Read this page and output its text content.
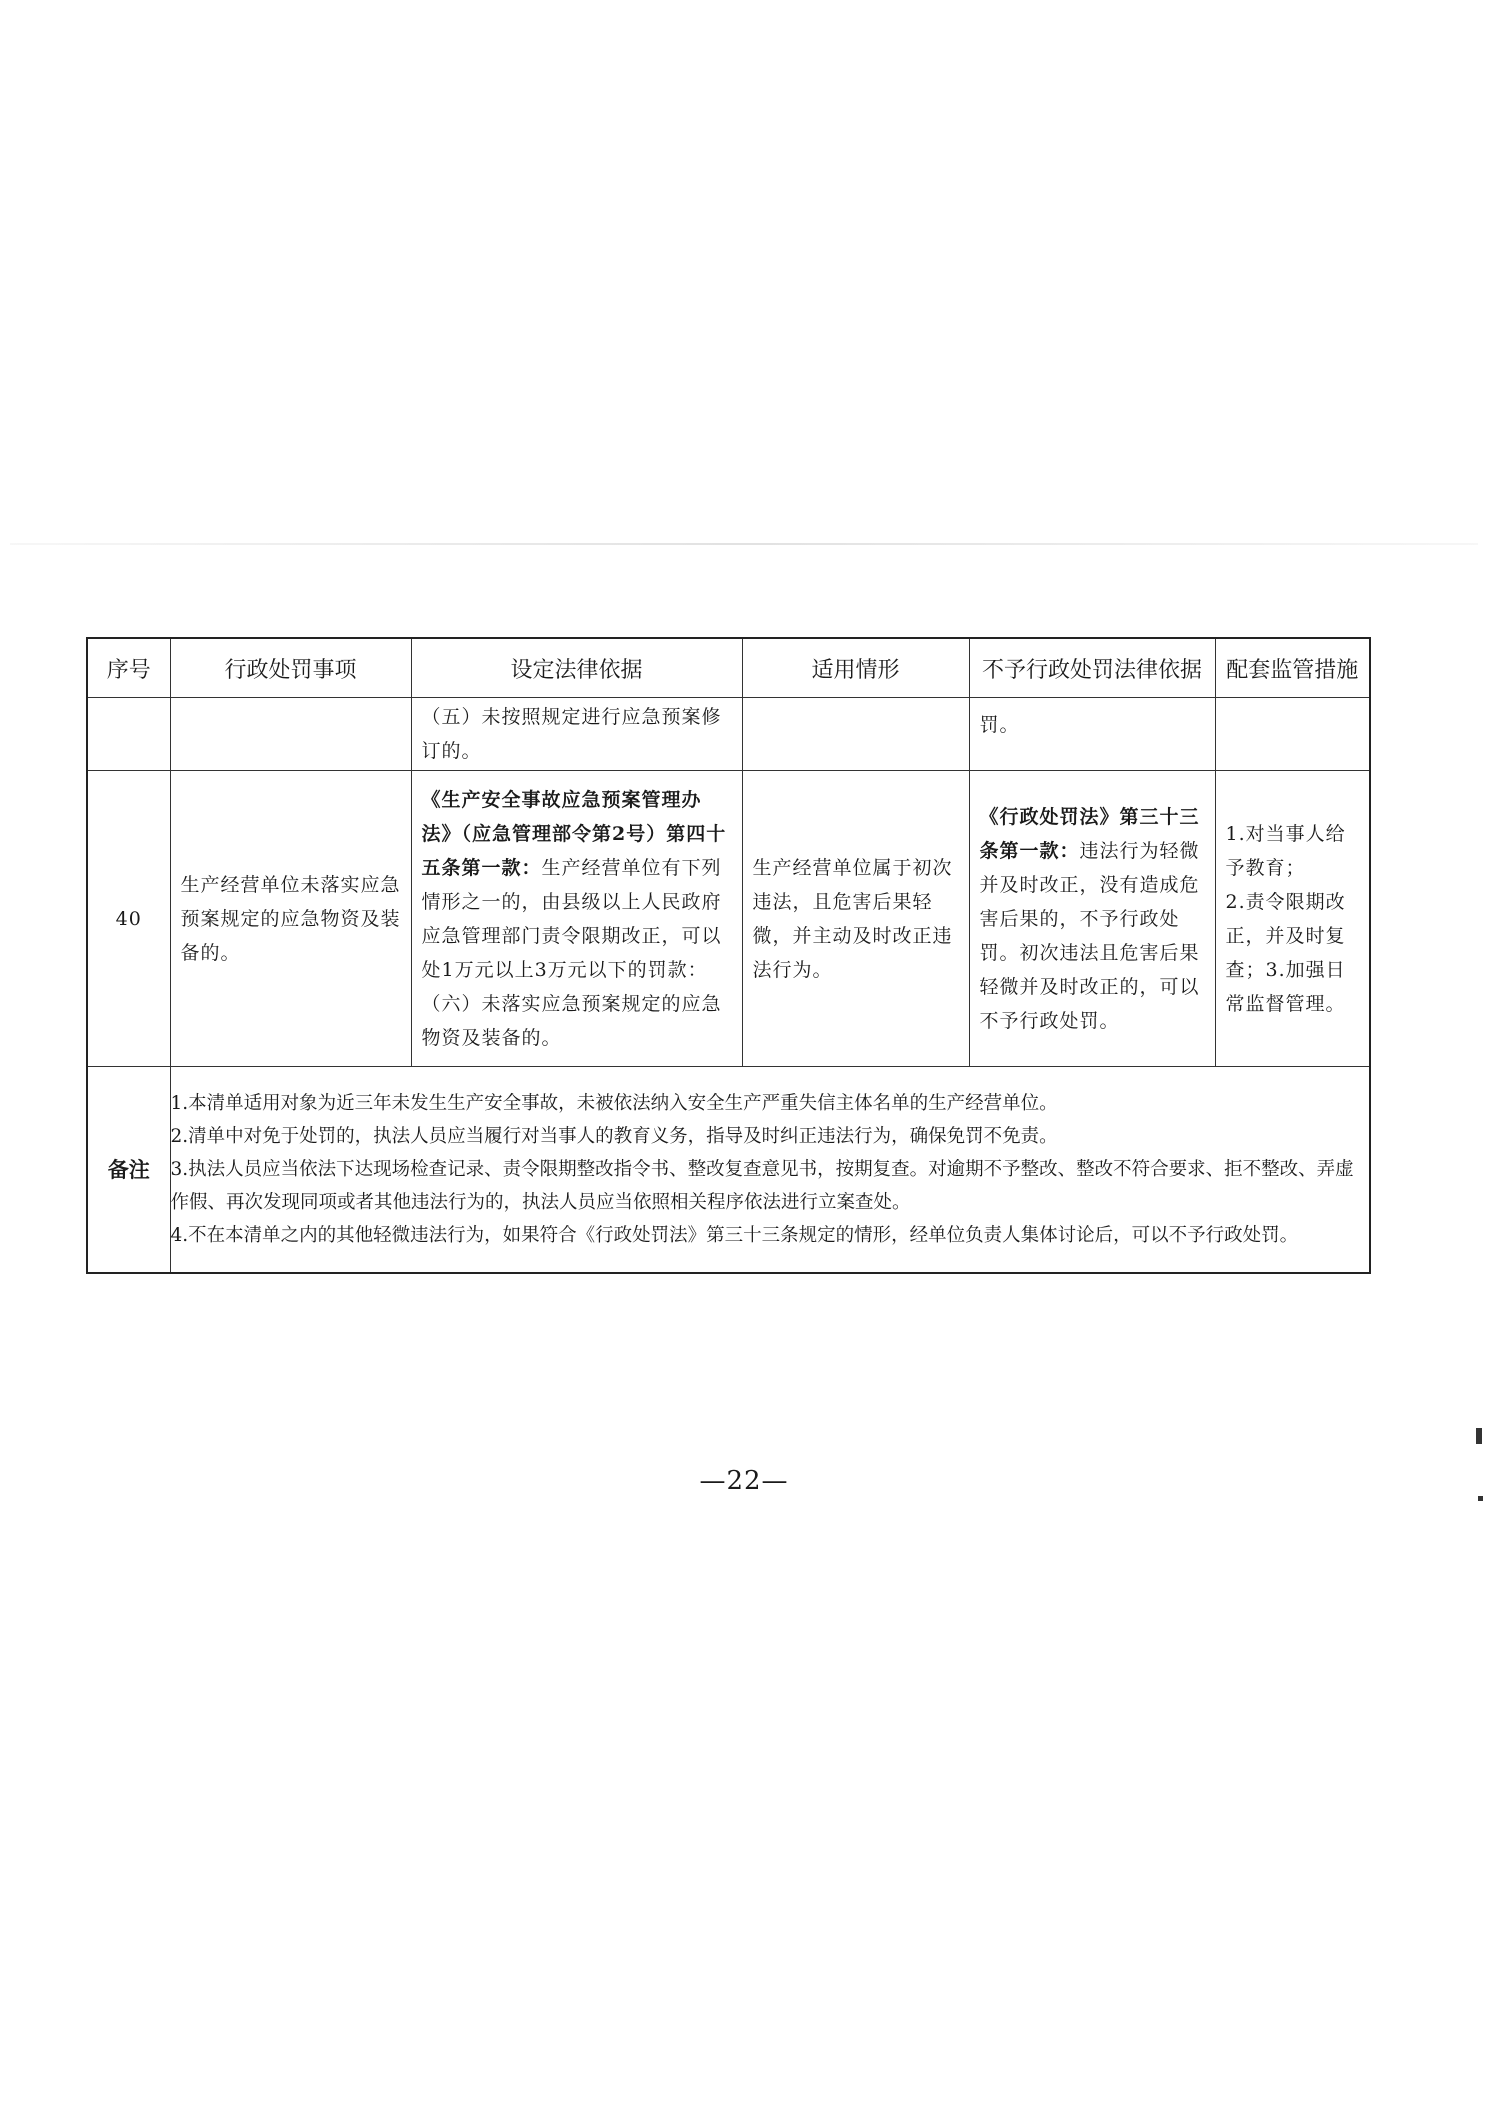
序号	行政处罚事项	设定法律依据	适用情形	不予行政处罚法律依据	配套监管措施

		（五）未按照规定进行应急预案修订的。		罚。	

40	生产经营单位未落实应急预案规定的应急物资及装备的。	《生产安全事故应急预案管理办法》（应急管理部令第2号）第四十五条第一款：生产经营单位有下列情形之一的，由县级以上人民政府应急管理部门责令限期改正，可以处1万元以上3万元以下的罚款：
（六）未落实应急预案规定的应急物资及装备的。	生产经营单位属于初次违法，且危害后果轻微，并主动及时改正违法行为。	《行政处罚法》第三十三条第一款：违法行为轻微并及时改正，没有造成危害后果的，不予行政处罚。初次违法且危害后果轻微并及时改正的，可以不予行政处罚。	1.对当事人给予教育；
2.责令限期改正，并及时复查；3.加强日常监督管理。

备注	1.本清单适用对象为近三年未发生生产安全事故，未被依法纳入安全生产严重失信主体名单的生产经营单位。

2.清单中对免于处罚的，执法人员应当履行对当事人的教育义务，指导及时纠正违法行为，确保免罚不免责。

3.执法人员应当依法下达现场检查记录、责令限期整改指令书、整改复查意见书，按期复查。对逾期不予整改、整改不符合要求、拒不整改、弄虚作假、再次发现同项或者其他违法行为的，执法人员应当依照相关程序依法进行立案查处。

4.不在本清单之内的其他轻微违法行为，如果符合《行政处罚法》第三十三条规定的情形，经单位负责人集体讨论后，可以不予行政处罚。				

—22—
